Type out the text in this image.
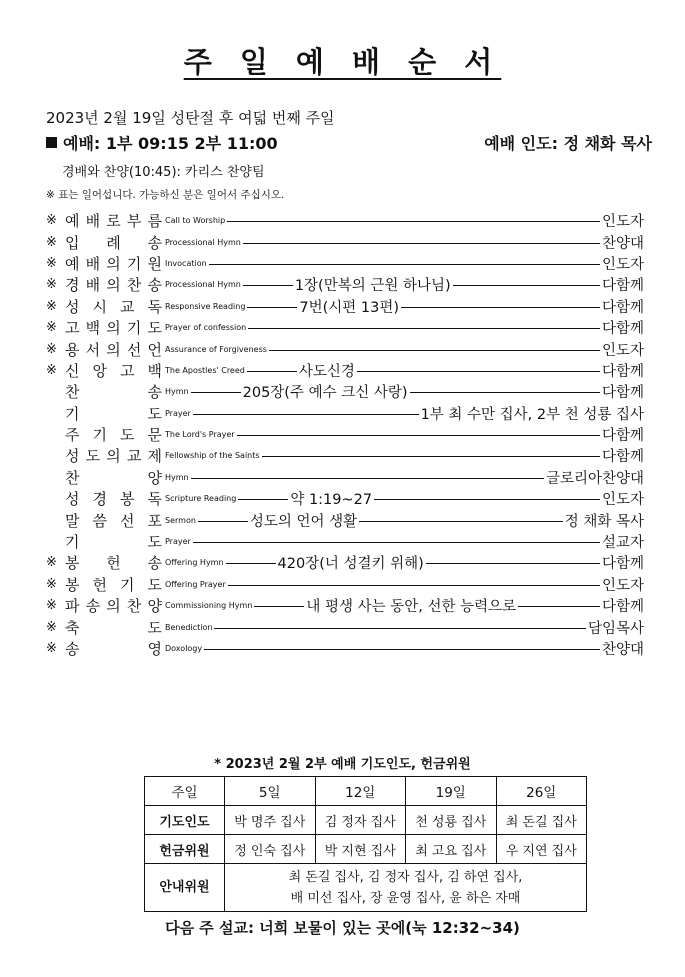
주 일 예 배 순 서
2023년 2월 19일 성탄절 후 여덟 번째 주일
예배: 1부 09:15 2부 11:00	예배 인도: 정 채화 목사
경배와 찬양(10:45): 카리스 찬양팀
※ 표는 일어섭니다. 가능하신 분은 일어서 주십시오.
※ 예 배 로 부 름 Call to Worship	인도자
※ 입 례 송 Processional Hymn	찬양대
※ 예 배 의 기 원 Invocation	인도자
※ 경 배 의 찬 송 Processional Hymn	1장(만복의 근원 하나님)	다함께
※ 성 시 교 독 Responsive Reading	7번(시편 13편)	다함께
※ 고 백 의 기 도 Prayer of confession	다함께
※ 용 서 의 선 언 Assurance of Forgiveness	인도자
※ 신 앙 고 백 The Apostles' Creed	사도신경	다함께
찬	송 Hymn	205장(주 예수 크신 사랑)	다함께
기	도 Prayer	1부 최 수만 집사, 2부 천 성룡 집사
주 기 도 문 The Lord's Prayer	다함께
성 도 의 교 제 Fellowship of the Saints	다함께
찬	양 Hymn	글로리아찬양대
성 경 봉 독 Scripture Reading	약 1:19~27	인도자
말 씀 선 포 Sermon	성도의 언어 생활	정 채화 목사
기	도 Prayer	설교자
※ 봉 헌 송 Offering Hymn	420장(너 성결키 위해)	다함께
※ 봉 헌 기 도 Offering Prayer	인도자
※ 파 송 의 찬 양 Commissioning Hymn	내 평생 사는 동안, 선한 능력으로	다함께
※ 축	도 Benediction	담임목사
※ 송	영 Doxology	찬양대
* 2023년 2월 2부 예배 기도인도, 헌금위원
주일	5일	12일	19일	26일
기도인도	박 명주 집사	김 정자 집사	천 성룡 집사	최 돈길 집사
헌금위원	정 인숙 집사	박 지현 집사	최 고요 집사	우 지연 집사
안내위원	최 돈길 집사, 김 정자 집사, 김 하연 집사,
배 미선 집사, 장 윤영 집사, 윤 하은 자매			
다음 주 설교: 너희 보물이 있는 곳에(눅 12:32~34)
